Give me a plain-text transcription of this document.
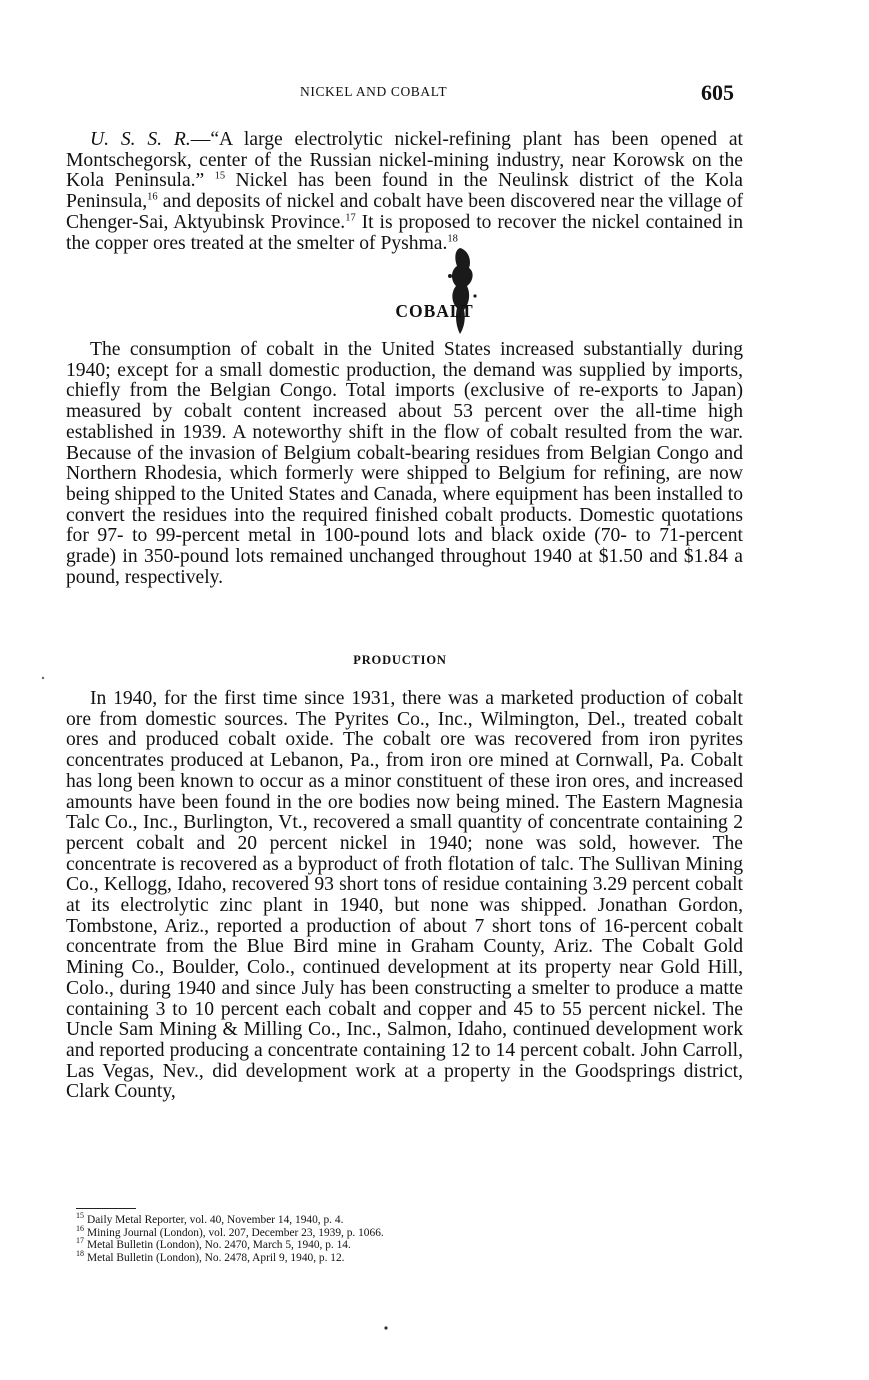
NICKEL AND COBALT	605

U. S. S. R.—“A large electrolytic nickel-refining plant has been opened at Montschegorsk, center of the Russian nickel-mining industry, near Korowsk on the Kola Peninsula.” $^{15}$ Nickel has been found in the Neulinsk district of the Kola Peninsula,$^{16}$ and deposits of nickel and cobalt have been discovered near the village of Chenger-Sai, Aktyubinsk Province.$^{17}$ It is proposed to recover the nickel contained in the copper ores treated at the smelter of Pyshma.$^{18}$

COBALT

The consumption of cobalt in the United States increased substantially during 1940; except for a small domestic production, the demand was supplied by imports, chiefly from the Belgian Congo. Total imports (exclusive of re-exports to Japan) measured by cobalt content increased about 53 percent over the all-time high established in 1939. A noteworthy shift in the flow of cobalt resulted from the war. Because of the invasion of Belgium cobalt-bearing residues from Belgian Congo and Northern Rhodesia, which formerly were shipped to Belgium for refining, are now being shipped to the United States and Canada, where equipment has been installed to convert the residues into the required finished cobalt products. Domestic quotations for 97- to 99-percent metal in 100-pound lots and black oxide (70- to 71-percent grade) in 350-pound lots remained unchanged throughout 1940 at $1.50 and $1.84 a pound, respectively.

PRODUCTION

In 1940, for the first time since 1931, there was a marketed production of cobalt ore from domestic sources. The Pyrites Co., Inc., Wilmington, Del., treated cobalt ores and produced cobalt oxide. The cobalt ore was recovered from iron pyrites concentrates produced at Lebanon, Pa., from iron ore mined at Cornwall, Pa. Cobalt has long been known to occur as a minor constituent of these iron ores, and increased amounts have been found in the ore bodies now being mined. The Eastern Magnesia Talc Co., Inc., Burlington, Vt., recovered a small quantity of concentrate containing 2 percent cobalt and 20 percent nickel in 1940; none was sold, however. The concentrate is recovered as a byproduct of froth flotation of talc. The Sullivan Mining Co., Kellogg, Idaho, recovered 93 short tons of residue containing 3.29 percent cobalt at its electrolytic zinc plant in 1940, but none was shipped. Jonathan Gordon, Tombstone, Ariz., reported a production of about 7 short tons of 16-percent cobalt concentrate from the Blue Bird mine in Graham County, Ariz. The Cobalt Gold Mining Co., Boulder, Colo., continued development at its property near Gold Hill, Colo., during 1940 and since July has been constructing a smelter to produce a matte containing 3 to 10 percent each cobalt and copper and 45 to 55 percent nickel. The Uncle Sam Mining & Milling Co., Inc., Salmon, Idaho, continued development work and reported producing a concentrate containing 12 to 14 percent cobalt. John Carroll, Las Vegas, Nev., did development work at a property in the Goodsprings district, Clark County,

$^{15}$ Daily Metal Reporter, vol. 40, November 14, 1940, p. 4.
$^{16}$ Mining Journal (London), vol. 207, December 23, 1939, p. 1066.
$^{17}$ Metal Bulletin (London), No. 2470, March 5, 1940, p. 14.
$^{18}$ Metal Bulletin (London), No. 2478, April 9, 1940, p. 12.
